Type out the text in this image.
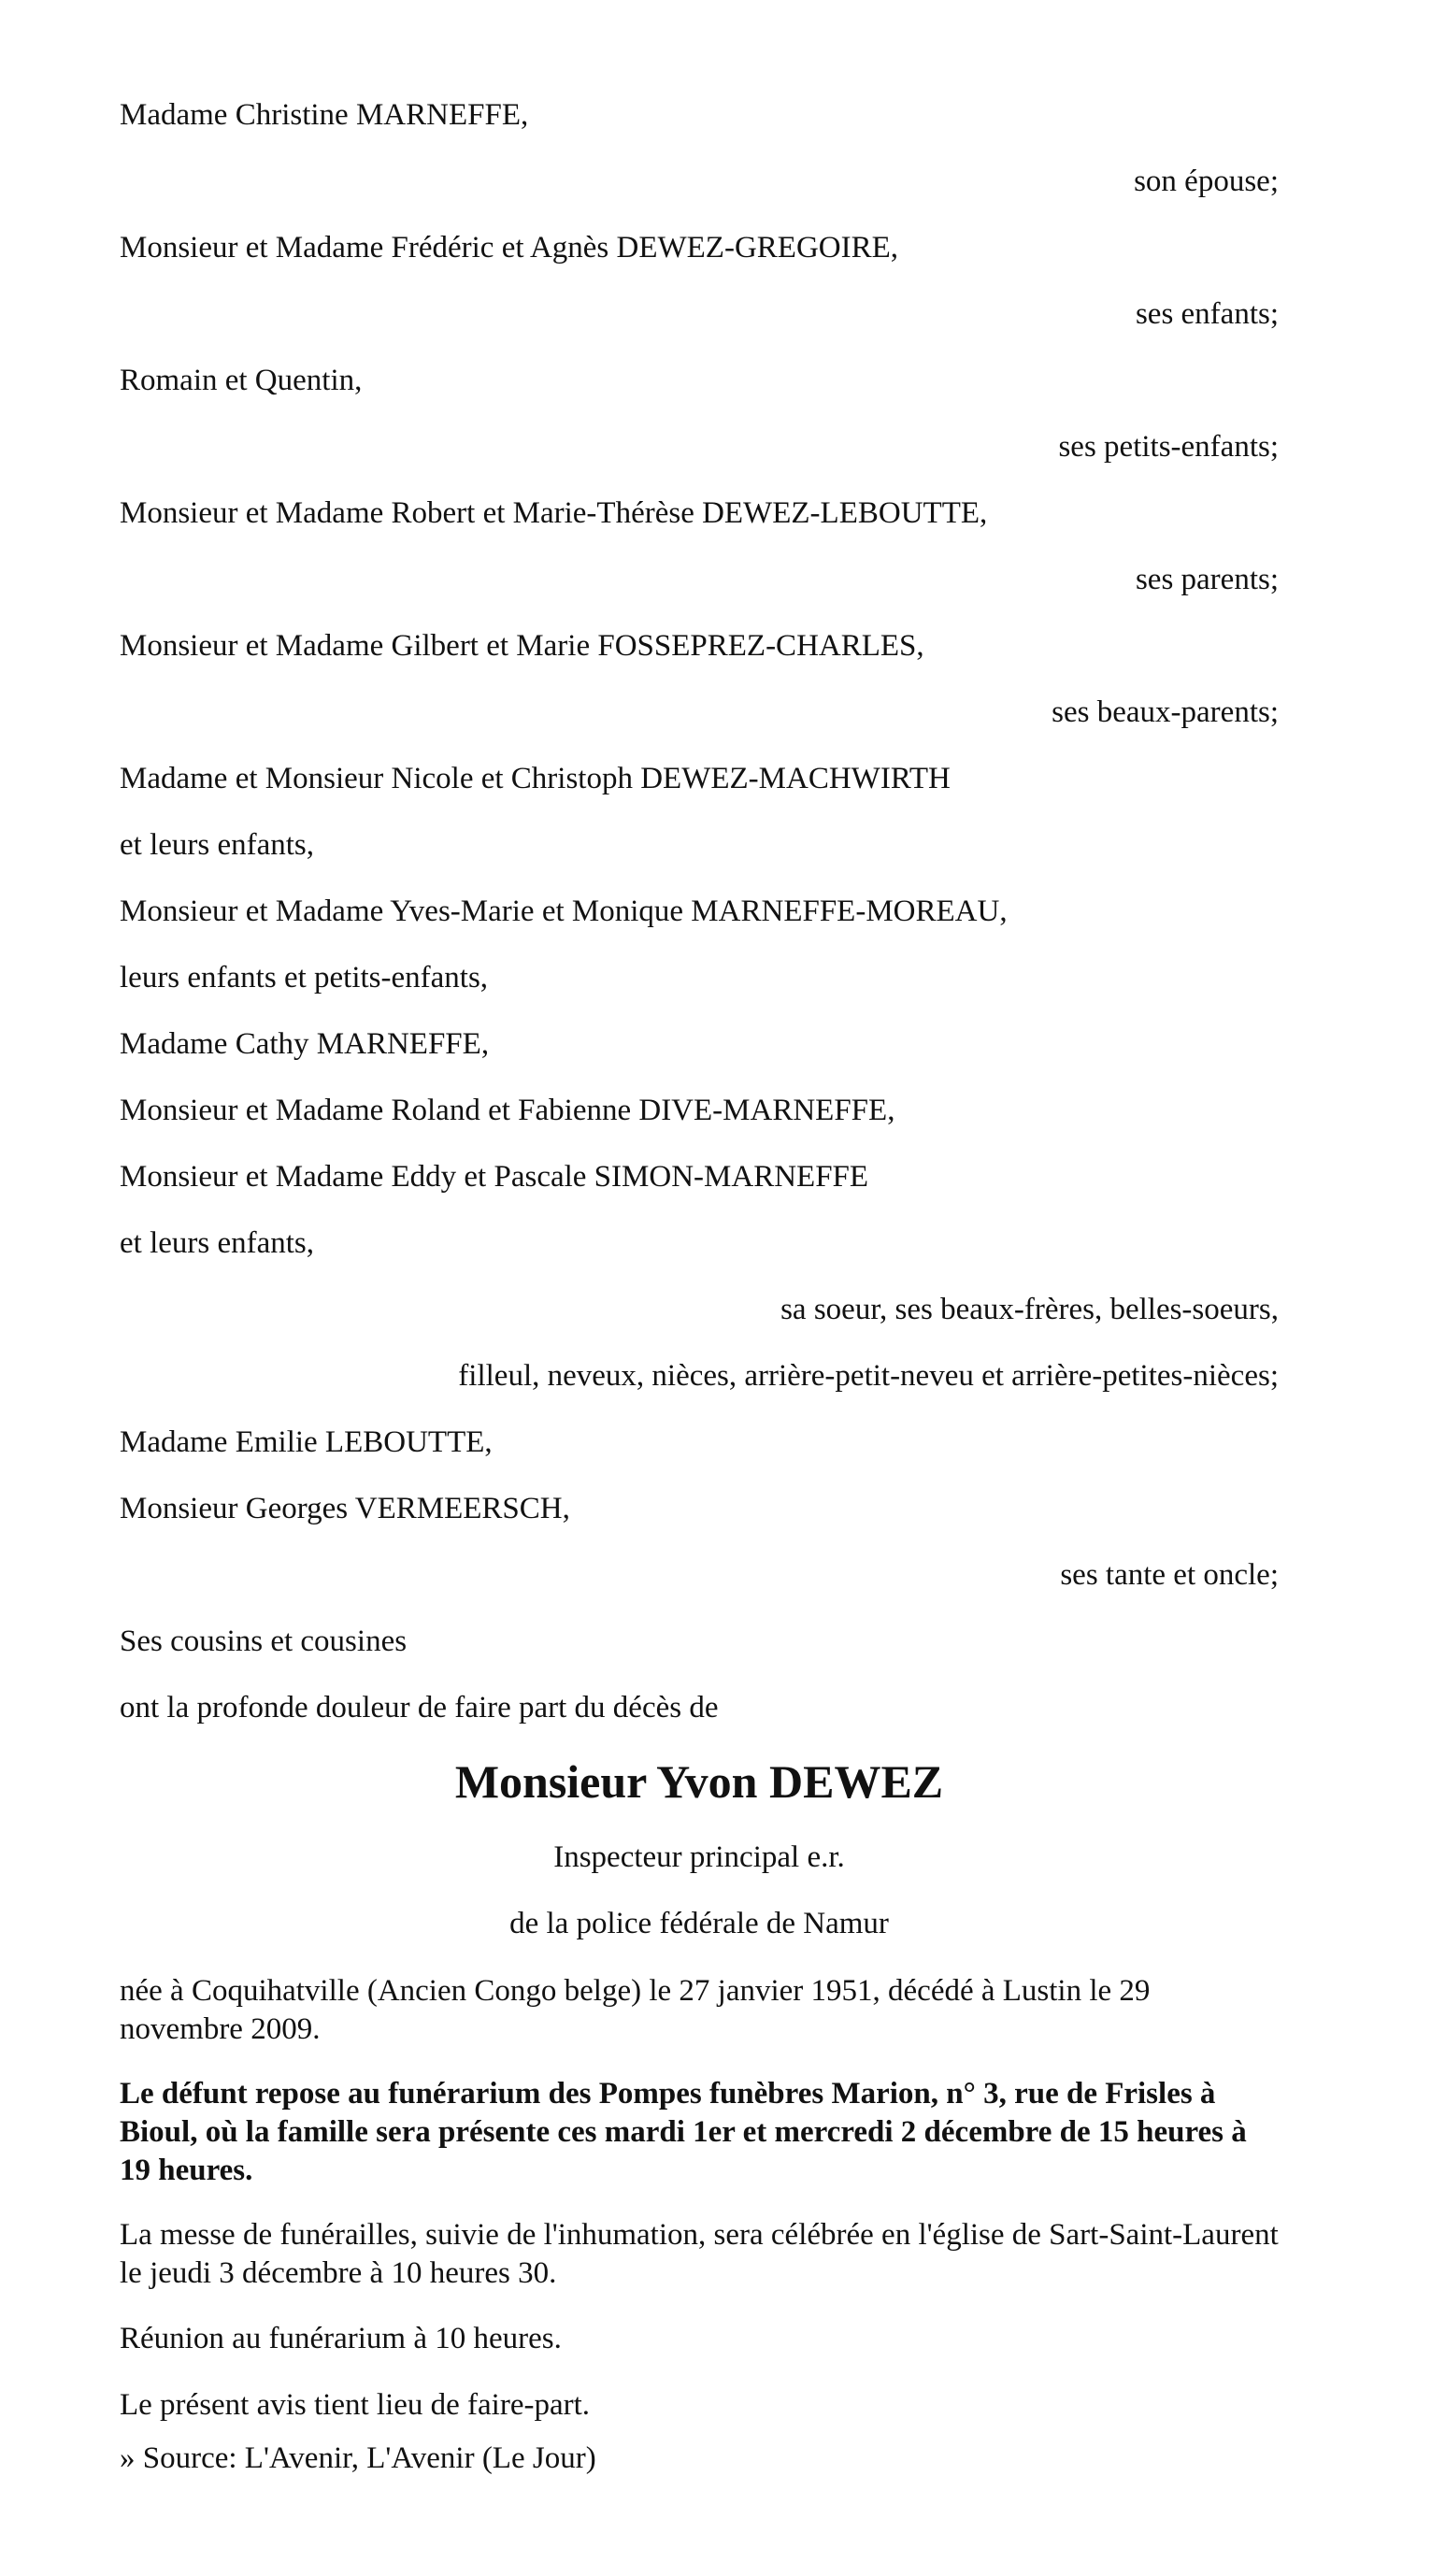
Madame Christine MARNEFFE,
son épouse;
Monsieur et Madame Frédéric et Agnès DEWEZ-GREGOIRE,
ses enfants;
Romain et Quentin,
ses petits-enfants;
Monsieur et Madame Robert et Marie-Thérèse DEWEZ-LEBOUTTE,
ses parents;
Monsieur et Madame Gilbert et Marie FOSSEPREZ-CHARLES,
ses beaux-parents;
Madame et Monsieur Nicole et Christoph DEWEZ-MACHWIRTH
et leurs enfants,
Monsieur et Madame Yves-Marie et Monique MARNEFFE-MOREAU,
leurs enfants et petits-enfants,
Madame Cathy MARNEFFE,
Monsieur et Madame Roland et Fabienne DIVE-MARNEFFE,
Monsieur et Madame Eddy et Pascale SIMON-MARNEFFE
et leurs enfants,
sa soeur, ses beaux-frères, belles-soeurs,
filleul, neveux, nièces, arrière-petit-neveu et arrière-petites-nièces;
Madame Emilie LEBOUTTE,
Monsieur Georges VERMEERSCH,
ses tante et oncle;
Ses cousins et cousines
ont la profonde douleur de faire part du décès de
Monsieur Yvon DEWEZ
Inspecteur principal e.r.
de la police fédérale de Namur
née à Coquihatville (Ancien Congo belge) le 27 janvier 1951, décédé à Lustin le 29 novembre 2009.
Le défunt repose au funérarium des Pompes funèbres Marion, n° 3, rue de Frisles à Bioul, où la famille sera présente ces mardi 1er et mercredi 2 décembre de 15 heures à 19 heures.
La messe de funérailles, suivie de l'inhumation, sera célébrée en l'église de Sart-Saint-Laurent le jeudi 3 décembre à 10 heures 30.
Réunion au funérarium à 10 heures.
Le présent avis tient lieu de faire-part.
» Source: L'Avenir, L'Avenir (Le Jour)
